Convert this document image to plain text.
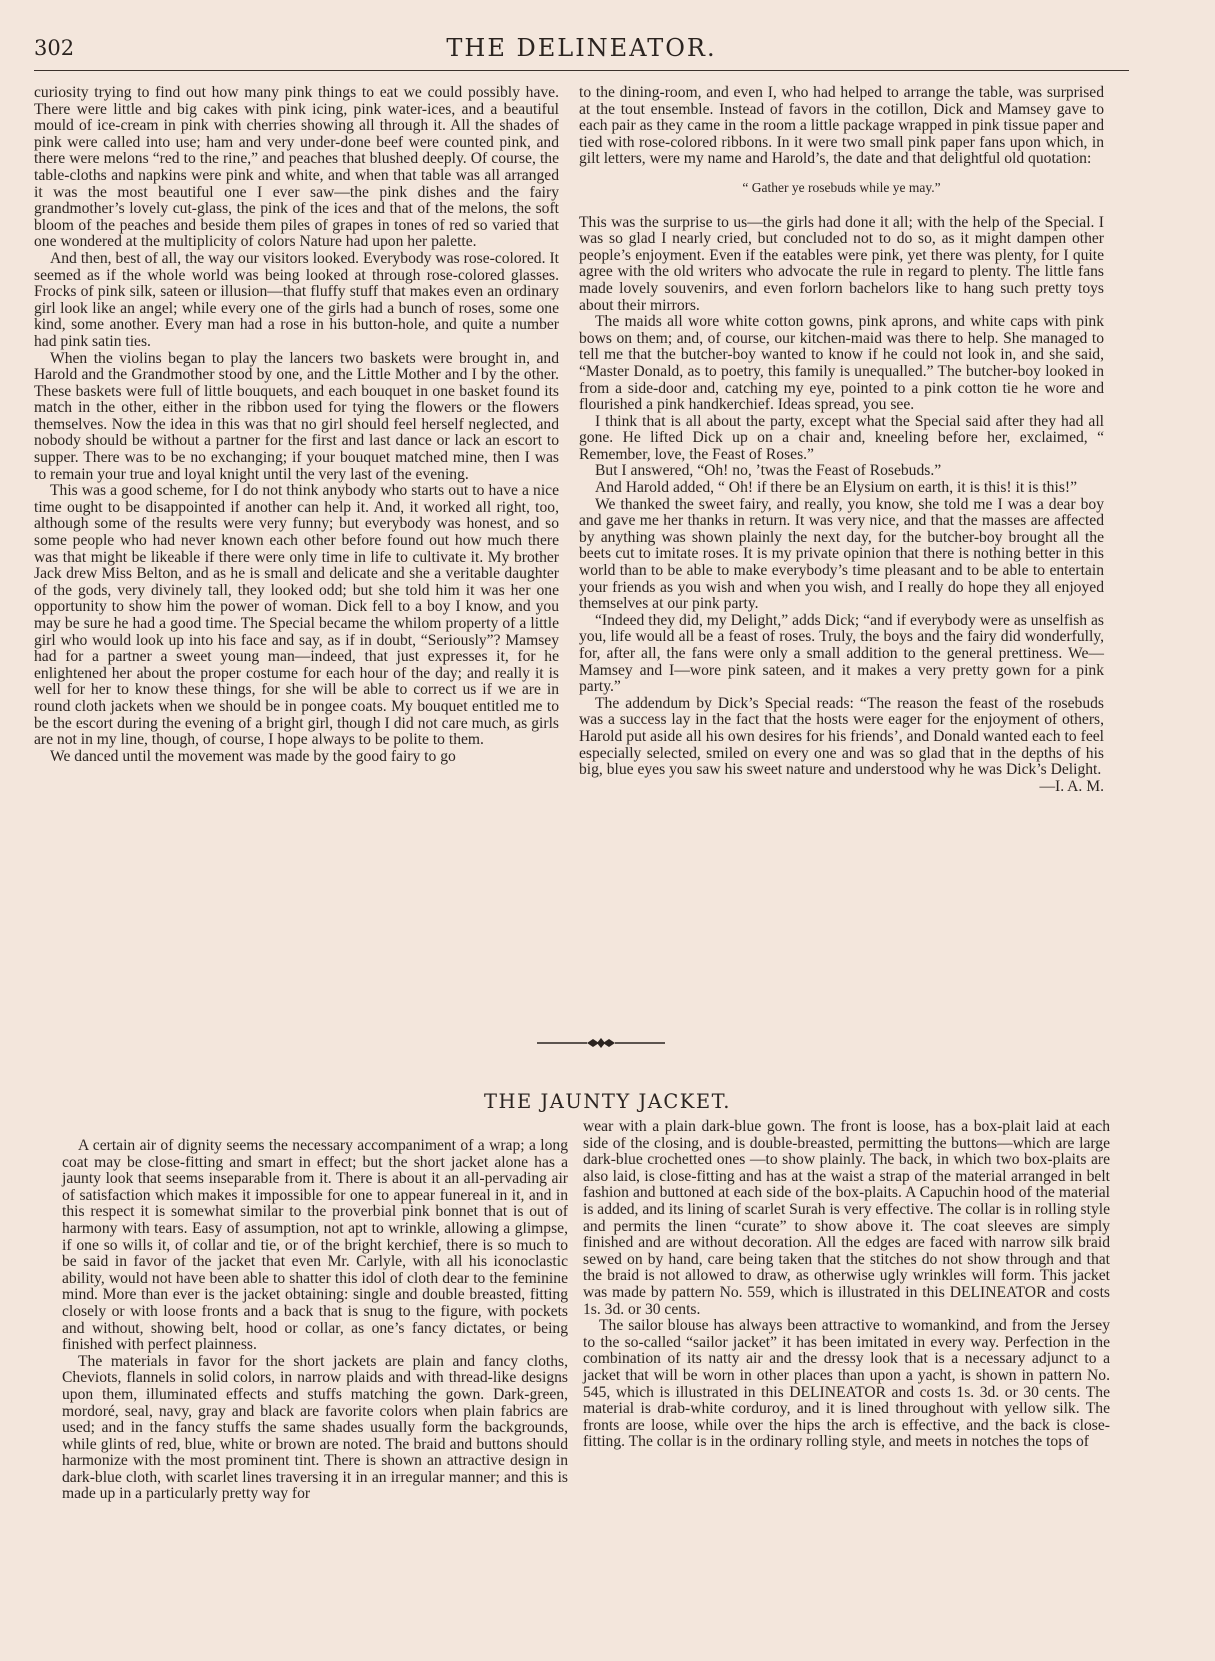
302	THE DELINEATOR.

curiosity trying to find out how many pink things to eat we could possibly have. There were little and big cakes with pink icing, pink water-ices, and a beautiful mould of ice-cream in pink with cherries showing all through it. All the shades of pink were called into use; ham and very under-done beef were counted pink, and there were melons “red to the rine,” and peaches that blushed deeply. Of course, the table-cloths and napkins were pink and white, and when that table was all arranged it was the most beautiful one I ever saw—the pink dishes and the fairy grandmother’s lovely cut-glass, the pink of the ices and that of the melons, the soft bloom of the peaches and beside them piles of grapes in tones of red so varied that one wondered at the multiplicity of colors Nature had upon her palette.

And then, best of all, the way our visitors looked. Everybody was rose-colored. It seemed as if the whole world was being looked at through rose-colored glasses. Frocks of pink silk, sateen or illusion—that fluffy stuff that makes even an ordinary girl look like an angel; while every one of the girls had a bunch of roses, some one kind, some another. Every man had a rose in his button-hole, and quite a number had pink satin ties.

When the violins began to play the lancers two baskets were brought in, and Harold and the Grandmother stood by one, and the Little Mother and I by the other. These baskets were full of little bouquets, and each bouquet in one basket found its match in the other, either in the ribbon used for tying the flowers or the flowers themselves. Now the idea in this was that no girl should feel herself neglected, and nobody should be without a partner for the first and last dance or lack an escort to supper. There was to be no exchanging; if your bouquet matched mine, then I was to remain your true and loyal knight until the very last of the evening.

This was a good scheme, for I do not think anybody who starts out to have a nice time ought to be disappointed if another can help it. And, it worked all right, too, although some of the results were very funny; but everybody was honest, and so some people who had never known each other before found out how much there was that might be likeable if there were only time in life to cultivate it. My brother Jack drew Miss Belton, and as he is small and delicate and she a veritable daughter of the gods, very divinely tall, they looked odd; but she told him it was her one opportunity to show him the power of woman. Dick fell to a boy I know, and you may be sure he had a good time. The Special became the whilom property of a little girl who would look up into his face and say, as if in doubt, “Seriously”? Mamsey had for a partner a sweet young man—indeed, that just expresses it, for he enlightened her about the proper costume for each hour of the day; and really it is well for her to know these things, for she will be able to correct us if we are in round cloth jackets when we should be in pongee coats. My bouquet entitled me to be the escort during the evening of a bright girl, though I did not care much, as girls are not in my line, though, of course, I hope always to be polite to them.

We danced until the movement was made by the good fairy to go

to the dining-room, and even I, who had helped to arrange the table, was surprised at the tout ensemble. Instead of favors in the cotillon, Dick and Mamsey gave to each pair as they came in the room a little package wrapped in pink tissue paper and tied with rose-colored ribbons. In it were two small pink paper fans upon which, in gilt letters, were my name and Harold’s, the date and that delightful old quotation:

“ Gather ye rosebuds while ye may.”

This was the surprise to us—the girls had done it all; with the help of the Special. I was so glad I nearly cried, but concluded not to do so, as it might dampen other people’s enjoyment. Even if the eatables were pink, yet there was plenty, for I quite agree with the old writers who advocate the rule in regard to plenty. The little fans made lovely souvenirs, and even forlorn bachelors like to hang such pretty toys about their mirrors.

The maids all wore white cotton gowns, pink aprons, and white caps with pink bows on them; and, of course, our kitchen-maid was there to help. She managed to tell me that the butcher-boy wanted to know if he could not look in, and she said, “Master Donald, as to poetry, this family is unequalled.” The butcher-boy looked in from a side-door and, catching my eye, pointed to a pink cotton tie he wore and flourished a pink handkerchief. Ideas spread, you see.

I think that is all about the party, except what the Special said after they had all gone. He lifted Dick up on a chair and, kneeling before her, exclaimed, “ Remember, love, the Feast of Roses.”

But I answered, “Oh! no, ’twas the Feast of Rosebuds.”

And Harold added, “ Oh! if there be an Elysium on earth, it is this! it is this!”

We thanked the sweet fairy, and really, you know, she told me I was a dear boy and gave me her thanks in return. It was very nice, and that the masses are affected by anything was shown plainly the next day, for the butcher-boy brought all the beets cut to imitate roses. It is my private opinion that there is nothing better in this world than to be able to make everybody’s time pleasant and to be able to entertain your friends as you wish and when you wish, and I really do hope they all enjoyed themselves at our pink party.

“Indeed they did, my Delight,” adds Dick; “and if everybody were as unselfish as you, life would all be a feast of roses. Truly, the boys and the fairy did wonderfully, for, after all, the fans were only a small addition to the general prettiness. We—Mamsey and I—wore pink sateen, and it makes a very pretty gown for a pink party.”

The addendum by Dick’s Special reads: “The reason the feast of the rosebuds was a success lay in the fact that the hosts were eager for the enjoyment of others, Harold put aside all his own desires for his friends’, and Donald wanted each to feel especially selected, smiled on every one and was so glad that in the depths of his big, blue eyes you saw his sweet nature and understood why he was Dick’s Delight.

—I. A. M.

THE JAUNTY JACKET.

A certain air of dignity seems the necessary accompaniment of a wrap; a long coat may be close-fitting and smart in effect; but the short jacket alone has a jaunty look that seems inseparable from it. There is about it an all-pervading air of satisfaction which makes it impossible for one to appear funereal in it, and in this respect it is somewhat similar to the proverbial pink bonnet that is out of harmony with tears. Easy of assumption, not apt to wrinkle, allowing a glimpse, if one so wills it, of collar and tie, or of the bright kerchief, there is so much to be said in favor of the jacket that even Mr. Carlyle, with all his iconoclastic ability, would not have been able to shatter this idol of cloth dear to the feminine mind. More than ever is the jacket obtaining: single and double breasted, fitting closely or with loose fronts and a back that is snug to the figure, with pockets and without, showing belt, hood or collar, as one’s fancy dictates, or being finished with perfect plainness.

The materials in favor for the short jackets are plain and fancy cloths, Cheviots, flannels in solid colors, in narrow plaids and with thread-like designs upon them, illuminated effects and stuffs matching the gown. Dark-green, mordoré, seal, navy, gray and black are favorite colors when plain fabrics are used; and in the fancy stuffs the same shades usually form the backgrounds, while glints of red, blue, white or brown are noted. The braid and buttons should harmonize with the most prominent tint. There is shown an attractive design in dark-blue cloth, with scarlet lines traversing it in an irregular manner; and this is made up in a particularly pretty way for

wear with a plain dark-blue gown. The front is loose, has a box-plait laid at each side of the closing, and is double-breasted, permitting the buttons—which are large dark-blue crochetted ones —to show plainly. The back, in which two box-plaits are also laid, is close-fitting and has at the waist a strap of the material arranged in belt fashion and buttoned at each side of the box-plaits. A Capuchin hood of the material is added, and its lining of scarlet Surah is very effective. The collar is in rolling style and permits the linen “curate” to show above it. The coat sleeves are simply finished and are without decoration. All the edges are faced with narrow silk braid sewed on by hand, care being taken that the stitches do not show through and that the braid is not allowed to draw, as otherwise ugly wrinkles will form. This jacket was made by pattern No. 559, which is illustrated in this DELINEATOR and costs 1s. 3d. or 30 cents.

The sailor blouse has always been attractive to womankind, and from the Jersey to the so-called “sailor jacket” it has been imitated in every way. Perfection in the combination of its natty air and the dressy look that is a necessary adjunct to a jacket that will be worn in other places than upon a yacht, is shown in pattern No. 545, which is illustrated in this DELINEATOR and costs 1s. 3d. or 30 cents. The material is drab-white corduroy, and it is lined throughout with yellow silk. The fronts are loose, while over the hips the arch is effective, and the back is close-fitting. The collar is in the ordinary rolling style, and meets in notches the tops of
